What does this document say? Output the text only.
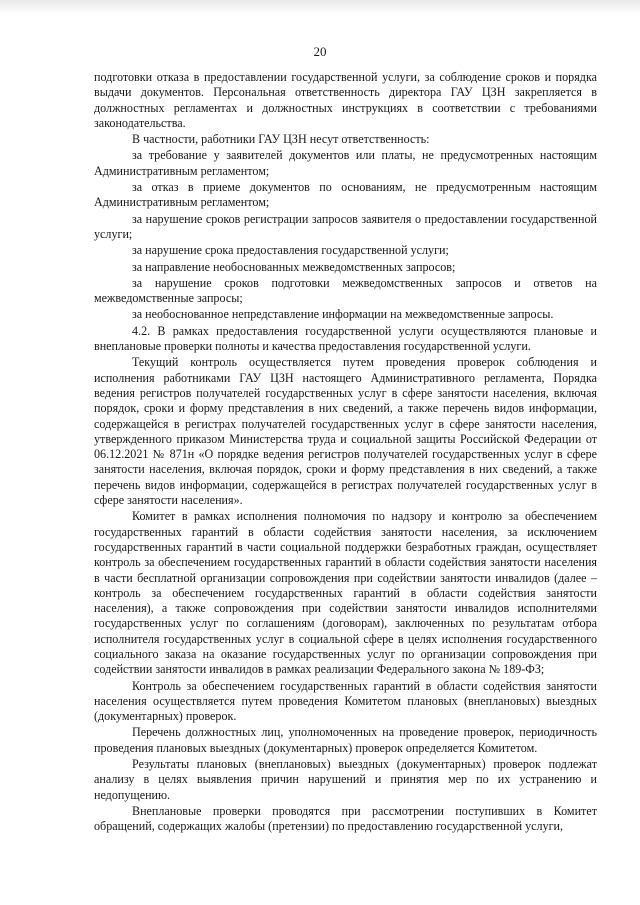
20

подготовки отказа в предоставлении государственной услуги, за соблюдение сроков и порядка выдачи документов. Персональная ответственность директора ГАУ ЦЗН закрепляется в должностных регламентах и должностных инструкциях в соответствии с требованиями законодательства.

В частности, работники ГАУ ЦЗН несут ответственность:

за требование у заявителей документов или платы, не предусмотренных настоящим Административным регламентом;

за отказ в приеме документов по основаниям, не предусмотренным настоящим Административным регламентом;

за нарушение сроков регистрации запросов заявителя о предоставлении государственной услуги;

за нарушение срока предоставления государственной услуги;

за направление необоснованных межведомственных запросов;

за нарушение сроков подготовки межведомственных запросов и ответов на межведомственные запросы;

за необоснованное непредставление информации на межведомственные запросы.

4.2. В рамках предоставления государственной услуги осуществляются плановые и внеплановые проверки полноты и качества предоставления государственной услуги.

Текущий контроль осуществляется путем проведения проверок соблюдения и исполнения работниками ГАУ ЦЗН настоящего Административного регламента, Порядка ведения регистров получателей государственных услуг в сфере занятости населения, включая порядок, сроки и форму представления в них сведений, а также перечень видов информации, содержащейся в регистрах получателей государственных услуг в сфере занятости населения, утвержденного приказом Министерства труда и социальной защиты Российской Федерации от 06.12.2021 № 871н «О порядке ведения регистров получателей государственных услуг в сфере занятости населения, включая порядок, сроки и форму представления в них сведений, а также перечень видов информации, содержащейся в регистрах получателей государственных услуг в сфере занятости населения».

Комитет в рамках исполнения полномочия по надзору и контролю за обеспечением государственных гарантий в области содействия занятости населения, за исключением государственных гарантий в части социальной поддержки безработных граждан, осуществляет контроль за обеспечением государственных гарантий в области содействия занятости населения в части бесплатной организации сопровождения при содействии занятости инвалидов (далее – контроль за обеспечением государственных гарантий в области содействия занятости населения), а также сопровождения при содействии занятости инвалидов исполнителями государственных услуг по соглашениям (договорам), заключенных по результатам отбора исполнителя государственных услуг в социальной сфере в целях исполнения государственного социального заказа на оказание государственных услуг по организации сопровождения при содействии занятости инвалидов в рамках реализации Федерального закона № 189-ФЗ;

Контроль за обеспечением государственных гарантий в области содействия занятости населения осуществляется путем проведения Комитетом плановых (внеплановых) выездных (документарных) проверок.

Перечень должностных лиц, уполномоченных на проведение проверок, периодичность проведения плановых выездных (документарных) проверок определяется Комитетом.

Результаты плановых (внеплановых) выездных (документарных) проверок подлежат анализу в целях выявления причин нарушений и принятия мер по их устранению и недопущению.

Внеплановые проверки проводятся при рассмотрении поступивших в Комитет обращений, содержащих жалобы (претензии) по предоставлению государственной услуги,
